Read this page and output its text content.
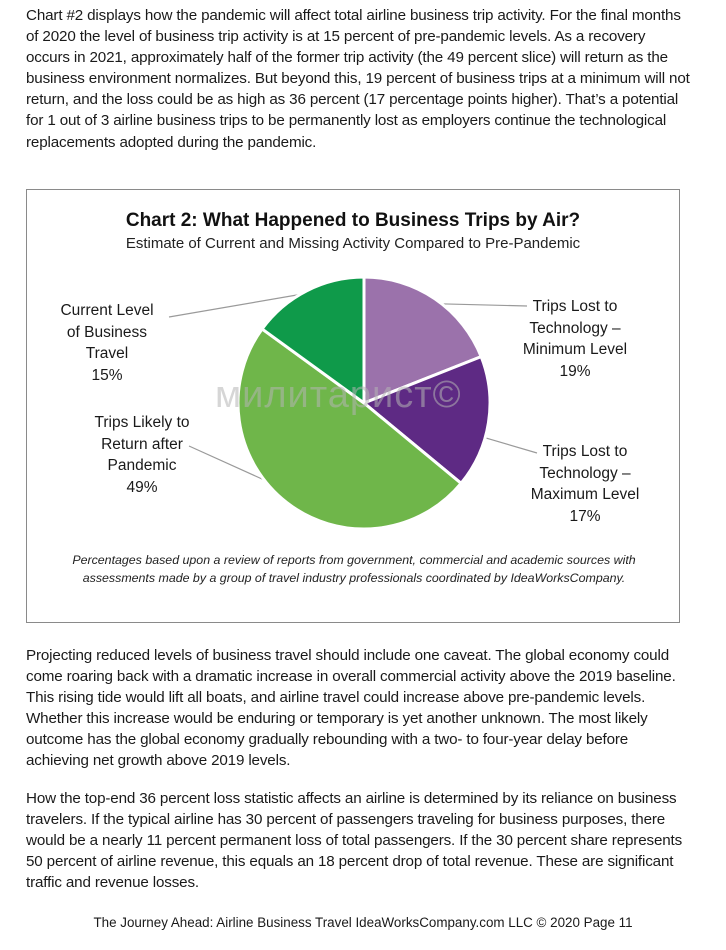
Chart #2 displays how the pandemic will affect total airline business trip activity. For the final months of 2020 the level of business trip activity is at 15 percent of pre-pandemic levels. As a recovery occurs in 2021, approximately half of the former trip activity (the 49 percent slice) will return as the business environment normalizes. But beyond this, 19 percent of business trips at a minimum will not return, and the loss could be as high as 36 percent (17 percentage points higher). That’s a potential for 1 out of 3 airline business trips to be permanently lost as employers continue the technological replacements adopted during the pandemic.

Chart 2: What Happened to Business Trips by Air?
Estimate of Current and Missing Activity Compared to Pre-Pandemic
Current Level
of Business
Travel
15%
Trips Likely to
Return after
Pandemic
49%
Trips Lost to
Technology –
Minimum Level
19%
Trips Lost to
Technology –
Maximum Level
17%
милитарист©
Percentages based upon a review of reports from government, commercial and academic sources with assessments made by a group of travel industry professionals coordinated by IdeaWorksCompany.

Projecting reduced levels of business travel should include one caveat. The global economy could come roaring back with a dramatic increase in overall commercial activity above the 2019 baseline. This rising tide would lift all boats, and airline travel could increase above pre-pandemic levels. Whether this increase would be enduring or temporary is yet another unknown. The most likely outcome has the global economy gradually rebounding with a two- to four-year delay before achieving net growth above 2019 levels.

How the top-end 36 percent loss statistic affects an airline is determined by its reliance on business travelers. If the typical airline has 30 percent of passengers traveling for business purposes, there would be a nearly 11 percent permanent loss of total passengers. If the 30 percent share represents 50 percent of airline revenue, this equals an 18 percent drop of total revenue. These are significant traffic and revenue losses.

The Journey Ahead: Airline Business Travel IdeaWorksCompany.com LLC © 2020 Page 11
